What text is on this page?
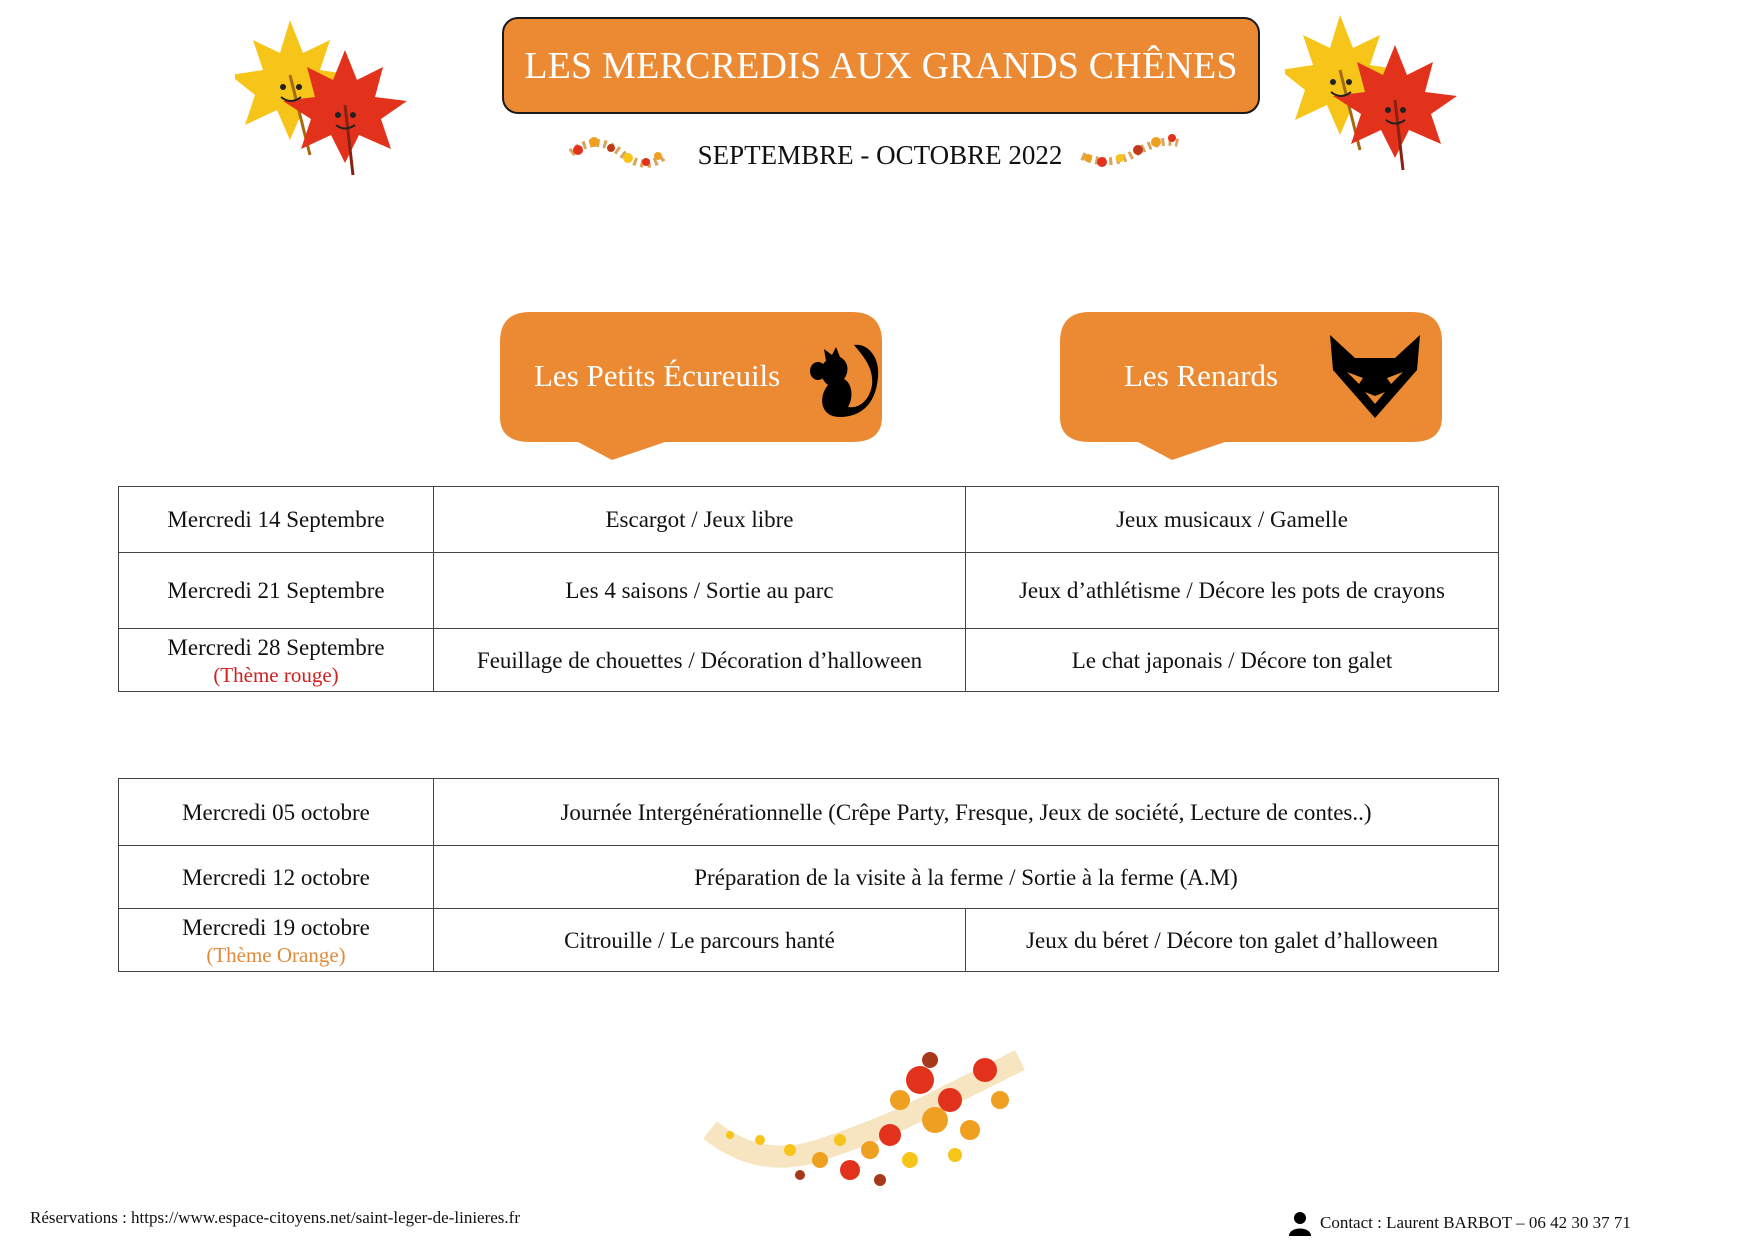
LES MERCREDIS AUX GRANDS CHÊNES
SEPTEMBRE - OCTOBRE 2022
Les Petits Écureuils	Les Renards
Mercredi 14 Septembre	Escargot / Jeux libre	Jeux musicaux / Gamelle
Mercredi 21 Septembre	Les 4 saisons / Sortie au parc	Jeux d’athlétisme / Décore les pots de crayons
Mercredi 28 Septembre
(Thème rouge)	Feuillage de chouettes / Décoration d’halloween	Le chat japonais / Décore ton galet
Mercredi 05 octobre	Journée Intergénérationnelle (Crêpe Party, Fresque, Jeux de société, Lecture de contes..)	
Mercredi 12 octobre	Préparation de la visite à la ferme / Sortie à la ferme (A.M)	
Mercredi 19 octobre
(Thème Orange)	Citrouille / Le parcours hanté	Jeux du béret / Décore ton galet d’halloween
Réservations : https://www.espace-citoyens.net/saint-leger-de-linieres.fr	Contact : Laurent BARBOT – 06 42 30 37 71
